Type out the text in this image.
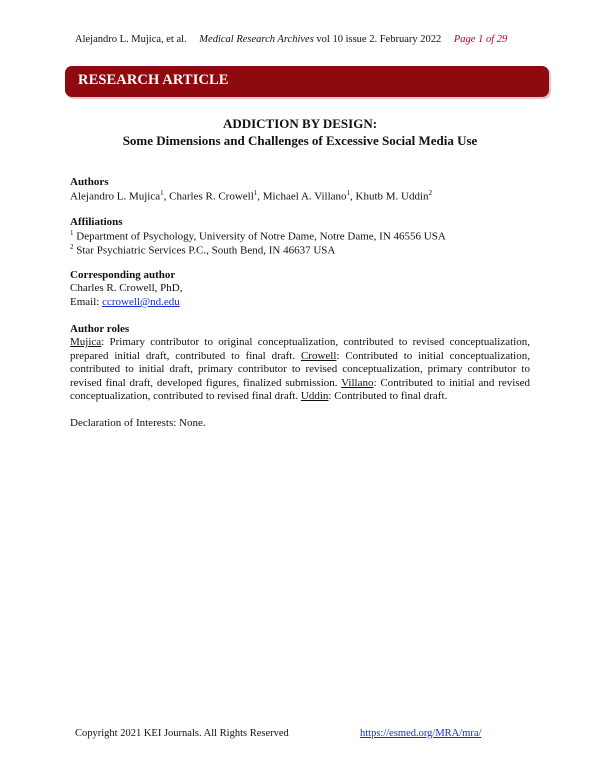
Alejandro L. Mujica, et al. Medical Research Archives vol 10 issue 2. February 2022 Page 1 of 29
RESEARCH ARTICLE
ADDICTION BY DESIGN:
Some Dimensions and Challenges of Excessive Social Media Use
Authors
Alejandro L. Mujica$^1$, Charles R. Crowell$^1$, Michael A. Villano$^1$, Khutb M. Uddin$^2$
Affiliations
$^1$ Department of Psychology, University of Notre Dame, Notre Dame, IN 46556 USA
$^2$ Star Psychiatric Services P.C., South Bend, IN 46637 USA
Corresponding author
Charles R. Crowell, PhD,
Email: ccrowell@nd.edu
Author roles
Mujica: Primary contributor to original conceptualization, contributed to revised conceptualization, prepared initial draft, contributed to final draft. Crowell: Contributed to initial conceptualization, contributed to initial draft, primary contributor to revised conceptualization, primary contributor to revised final draft, developed figures, finalized submission. Villano: Contributed to initial and revised conceptualization, contributed to revised final draft. Uddin: Contributed to final draft.
Declaration of Interests: None.
Copyright 2021 KEI Journals. All Rights Reserved	https://esmed.org/MRA/mra/
